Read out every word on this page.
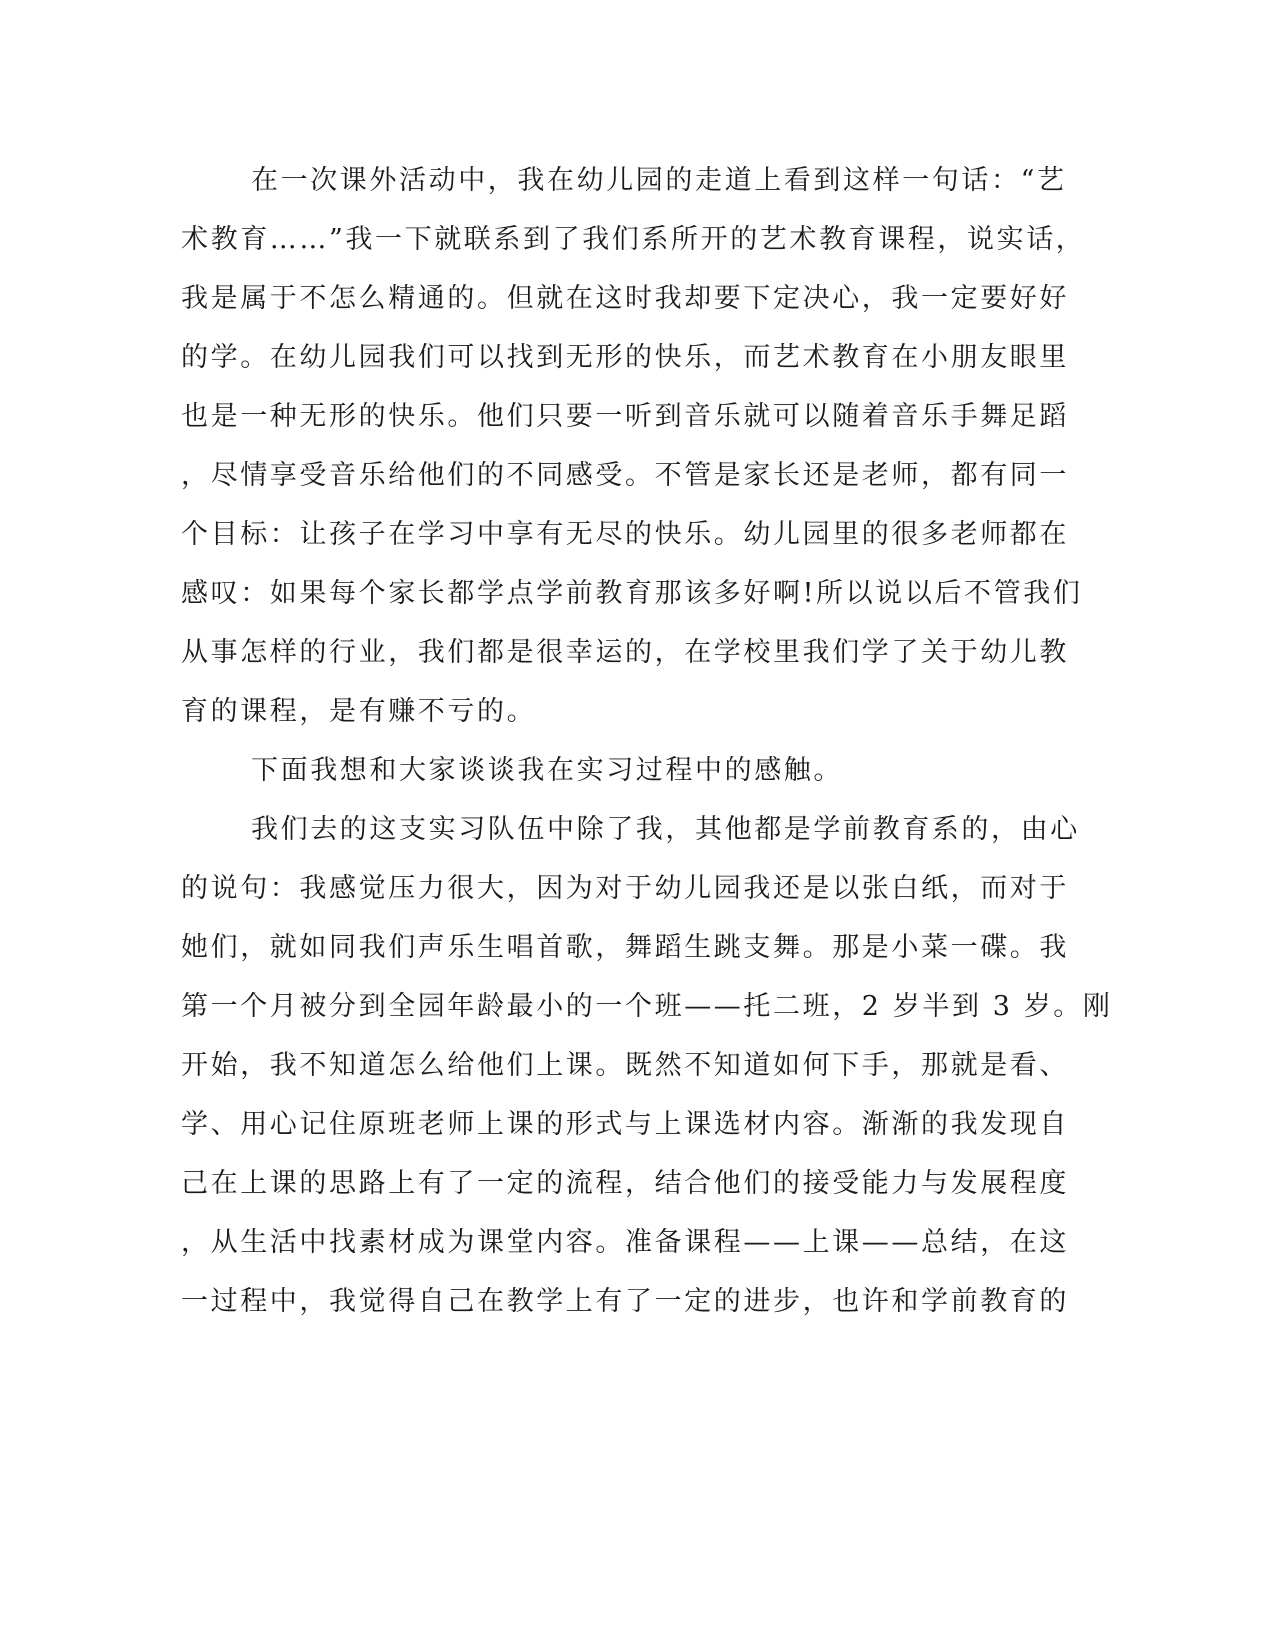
在一次课外活动中，我在幼儿园的走道上看到这样一句话：“艺
术教育……”我一下就联系到了我们系所开的艺术教育课程，说实话，
我是属于不怎么精通的。但就在这时我却要下定决心，我一定要好好
的学。在幼儿园我们可以找到无形的快乐，而艺术教育在小朋友眼里
也是一种无形的快乐。他们只要一听到音乐就可以随着音乐手舞足蹈
，尽情享受音乐给他们的不同感受。不管是家长还是老师，都有同一
个目标：让孩子在学习中享有无尽的快乐。幼儿园里的很多老师都在
感叹：如果每个家长都学点学前教育那该多好啊!所以说以后不管我们
从事怎样的行业，我们都是很幸运的，在学校里我们学了关于幼儿教
育的课程，是有赚不亏的。
下面我想和大家谈谈我在实习过程中的感触。
我们去的这支实习队伍中除了我，其他都是学前教育系的，由心
的说句：我感觉压力很大，因为对于幼儿园我还是以张白纸，而对于
她们，就如同我们声乐生唱首歌，舞蹈生跳支舞。那是小菜一碟。我
第一个月被分到全园年龄最小的一个班——托二班，2 岁半到 3 岁。刚
开始，我不知道怎么给他们上课。既然不知道如何下手，那就是看、
学、用心记住原班老师上课的形式与上课选材内容。渐渐的我发现自
己在上课的思路上有了一定的流程，结合他们的接受能力与发展程度
，从生活中找素材成为课堂内容。准备课程——上课——总结，在这
一过程中，我觉得自己在教学上有了一定的进步，也许和学前教育的
